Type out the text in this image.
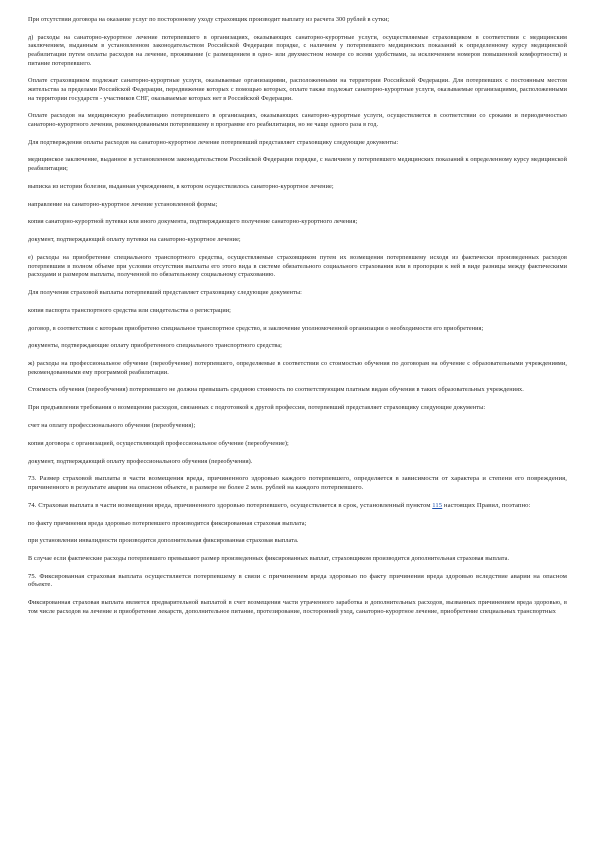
При отсутствии договора на оказание услуг по постороннему уходу страховщик производит выплату из расчета 300 рублей в сутки;

д) расходы на санаторно-курортное лечение потерпевшего в организациях, оказывающих санаторно-курортные услуги, осуществляемые страховщиком в соответствии с медицинским заключением, выданным в установленном законодательством Российской Федерации порядке, с наличием у потерпевшего медицинских показаний к определенному курсу медицинской реабилитации путем оплаты расходов на лечение, проживание (с размещением в одно- или двухместном номере со всеми удобствами, за исключением номеров повышенной комфортности) и питание потерпевшего.

Оплате страховщиком подлежат санаторно-курортные услуги, оказываемые организациями, расположенными на территории Российской Федерации. Для потерпевших с постоянным местом жительства за пределами Российской Федерации, передвижение которых с помощью которых, оплате также подлежат санаторно-курортные услуги, оказываемые организациями, расположенными на территории государств - участников СНГ, оказываемые которых нет в Российской Федерации.

Оплате расходов на медицинскую реабилитацию потерпевшего в организациях, оказывающих санаторно-курортные услуги, осуществляется в соответствии со сроками и периодичностью санаторно-курортного лечения, рекомендованными потерпевшему в программе его реабилитации, но не чаще одного раза в год.

Для подтверждения оплаты расходов на санаторно-курортное лечение потерпевший представляет страховщику следующие документы:

медицинское заключение, выданное в установленном законодательством Российской Федерации порядке, с наличием у потерпевшего медицинских показаний к определенному курсу медицинской реабилитации;

выписка из истории болезни, выданная учреждением, в котором осуществлялось санаторно-курортное лечение;

направление на санаторно-курортное лечение установленной формы;

копия санаторно-курортной путевки или иного документа, подтверждающего получение санаторно-курортного лечения;

документ, подтверждающий оплату путевки на санаторно-курортное лечение;

е) расходы на приобретение специального транспортного средства, осуществляемые страховщиком путем их возмещения потерпевшему исходя из фактически произведенных расходов потерпевшим в полном объеме при условии отсутствия выплаты его этого вида в системе обязательного социального страхования или в пропорции к ней в виде разницы между фактическими расходами и размером выплаты, полученной по обязательному социальному страхованию.

Для получения страховой выплаты потерпевший представляет страховщику следующие документы:

копия паспорта транспортного средства или свидетельства о регистрации;

договор, в соответствии с которым приобретено специальное транспортное средство, и заключение уполномоченной организации о необходимости его приобретения;

документы, подтверждающие оплату приобретенного специального транспортного средства;

ж) расходы на профессиональное обучение (переобучение) потерпевшего, определяемые в соответствии со стоимостью обучения по договорам на обучение с образовательными учреждениями, рекомендованными ему программой реабилитации.

Стоимость обучения (переобучения) потерпевшего не должна превышать среднюю стоимость по соответствующим платным видам обучения в таких образовательных учреждениях.

При предъявлении требования о возмещении расходов, связанных с подготовкой к другой профессии, потерпевший представляет страховщику следующие документы:

счет на оплату профессионального обучения (переобучения);

копия договора с организацией, осуществляющей профессиональное обучение (переобучение);

документ, подтверждающий оплату профессионального обучения (переобучения).

73. Размер страховой выплаты в части возмещения вреда, причиненного здоровью каждого потерпевшего, определяется в зависимости от характера и степени его повреждения, причиненного в результате аварии на опасном объекте, в размере не более 2 млн. рублей на каждого потерпевшего.

74. Страховая выплата в части возмещения вреда, причиненного здоровью потерпевшего, осуществляется в срок, установленный пунктом 115 настоящих Правил, поэтапно:

по факту причинения вреда здоровью потерпевшего производится фиксированная страховая выплата;

при установлении инвалидности производится дополнительная фиксированная страховая выплата.

В случае если фактические расходы потерпевшего превышают размер произведенных фиксированных выплат, страховщиком производится дополнительная страховая выплата.

75. Фиксированная страховая выплата осуществляется потерпевшему в связи с причинением вреда здоровью по факту причинения вреда здоровью вследствие аварии на опасном объекте.

Фиксированная страховая выплата является предварительной выплатой в счет возмещения части утраченного заработка и дополнительных расходов, вызванных причинением вреда здоровью, в том числе расходов на лечение и приобретение лекарств, дополнительное питание, протезирование, посторонний уход, санаторно-курортное лечение, приобретение специальных транспортных
